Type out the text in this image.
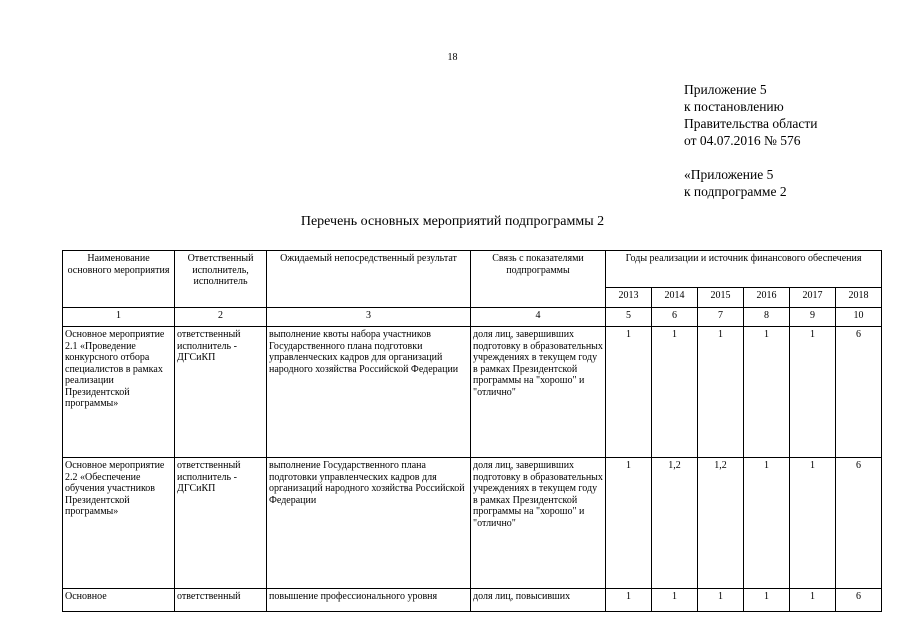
18
Приложение 5
к постановлению
Правительства области
от 04.07.2016 № 576
«Приложение 5
к подпрограмме 2
Перечень основных мероприятий подпрограммы 2
Наименование основного мероприятия	Ответственный исполнитель, исполнитель	Ожидаемый непосредственный результат	Связь с показателями подпрограммы	Годы реализации и источник финансового обеспечения					
				2013	2014	2015	2016	2017	2018
1	2	3	4	5	6	7	8	9	10
Основное мероприятие 2.1 «Проведение конкурсного отбора специалистов в рамках реализации Президентской программы»	ответственный исполнитель - ДГСиКП	выполнение квоты набора участников Государственного плана подготовки управленческих кадров для организаций народного хозяйства Российской Федерации	доля лиц, завершивших подготовку в образовательных учреждениях в текущем году в рамках Президентской программы на "хорошо" и "отлично"	1	1	1	1	1	6
Основное мероприятие 2.2 «Обеспечение обучения участников Президентской программы»	ответственный исполнитель - ДГСиКП	выполнение Государственного плана подготовки управленческих кадров для организаций народного хозяйства Российской Федерации	доля лиц, завершивших подготовку в образовательных учреждениях в текущем году в рамках Президентской программы на "хорошо" и "отлично"	1	1,2	1,2	1	1	6
Основное	ответственный	повышение профессионального уровня	доля лиц, повысивших	1	1	1	1	1	6
